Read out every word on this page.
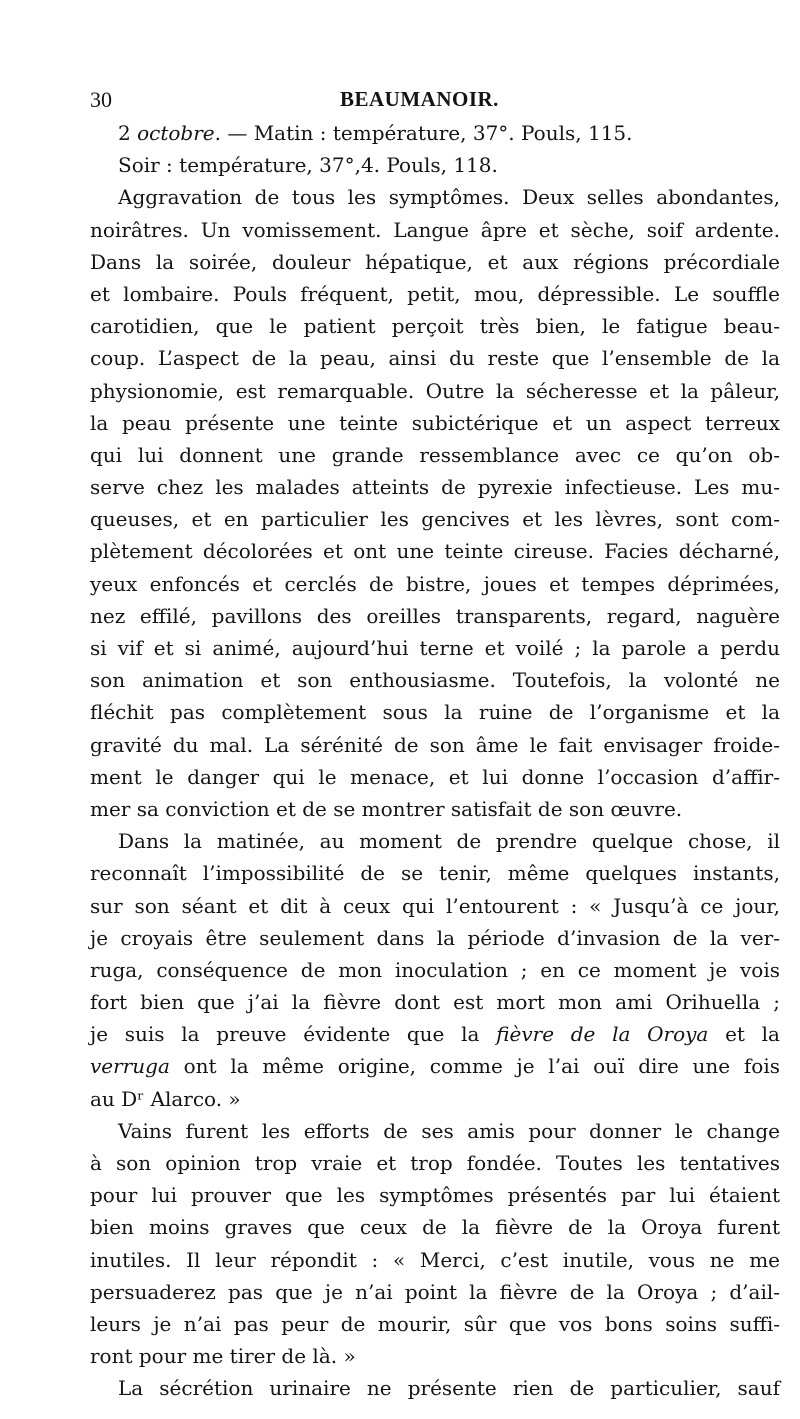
30	BEAUMANOIR.
2 octobre. — Matin : température, 37°. Pouls, 115.
Soir : température, 37°,4. Pouls, 118.
Aggravation de tous les symptômes. Deux selles abondantes,
noirâtres. Un vomissement. Langue âpre et sèche, soif ardente.
Dans la soirée, douleur hépatique, et aux régions précordiale
et lombaire. Pouls fréquent, petit, mou, dépressible. Le souffle
carotidien, que le patient perçoit très bien, le fatigue beau-
coup. L’aspect de la peau, ainsi du reste que l’ensemble de la
physionomie, est remarquable. Outre la sécheresse et la pâleur,
la peau présente une teinte subictérique et un aspect terreux
qui lui donnent une grande ressemblance avec ce qu’on ob-
serve chez les malades atteints de pyrexie infectieuse. Les mu-
queuses, et en particulier les gencives et les lèvres, sont com-
plètement décolorées et ont une teinte cireuse. Facies décharné,
yeux enfoncés et cerclés de bistre, joues et tempes déprimées,
nez effilé, pavillons des oreilles transparents, regard, naguère
si vif et si animé, aujourd’hui terne et voilé ; la parole a perdu
son animation et son enthousiasme. Toutefois, la volonté ne
fléchit pas complètement sous la ruine de l’organisme et la
gravité du mal. La sérénité de son âme le fait envisager froide-
ment le danger qui le menace, et lui donne l’occasion d’affir-
mer sa conviction et de se montrer satisfait de son œuvre.
Dans la matinée, au moment de prendre quelque chose, il
reconnaît l’impossibilité de se tenir, même quelques instants,
sur son séant et dit à ceux qui l’entourent : « Jusqu’à ce jour,
je croyais être seulement dans la période d’invasion de la ver-
ruga, conséquence de mon inoculation ; en ce moment je vois
fort bien que j’ai la fièvre dont est mort mon ami Orihuella ;
je suis la preuve évidente que la fièvre de la Oroya et la
verruga ont la même origine, comme je l’ai ouï dire une fois
au Dʳ Alarco. »
Vains furent les efforts de ses amis pour donner le change
à son opinion trop vraie et trop fondée. Toutes les tentatives
pour lui prouver que les symptômes présentés par lui étaient
bien moins graves que ceux de la fièvre de la Oroya furent
inutiles. Il leur répondit : « Merci, c’est inutile, vous ne me
persuaderez pas que je n’ai point la fièvre de la Oroya ; d’ail-
leurs je n’ai pas peur de mourir, sûr que vos bons soins suffi-
ront pour me tirer de là. »
La sécrétion urinaire ne présente rien de particulier, sauf
